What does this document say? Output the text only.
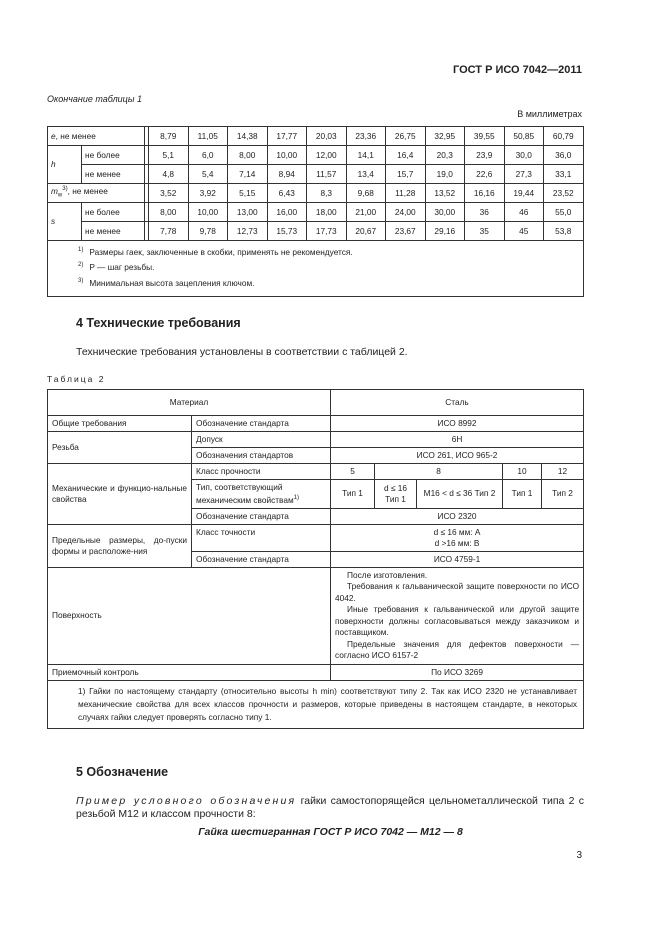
ГОСТ Р ИСО 7042—2011
Окончание таблицы 1
В миллиметрах
e, не менее			8,79	11,05	14,38	17,77	20,03	23,36	26,75	32,95	39,55	50,85	60,79
h	не более		5,1	6,0	8,00	10,00	12,00	14,1	16,4	20,3	23,9	30,0	36,0
	не менее		4,8	5,4	7,14	8,94	11,57	13,4	15,7	19,0	22,6	27,3	33,1
$m_w^{3)}$, не менее			3,52	3,92	5,15	6,43	8,3	9,68	11,28	13,52	16,16	19,44	23,52
s	не более		8,00	10,00	13,00	16,00	18,00	21,00	24,00	30,00	36	46	55,0
	не менее		7,78	9,78	12,73	15,73	17,73	20,67	23,67	29,16	35	45	53,8

$^{1)}$ Размеры гаек, заключенные в скобки, применять не рекомендуется.
$^{2)}$ P — шаг резьбы.
$^{3)}$ Минимальная высота зацепления ключом.													
4 Технические требования
Технические требования установлены в соответствии с таблицей 2.
Таблица 2
Материал		Сталь				
Общие требования	Обозначение стандарта	ИСО 8992				
Резьба	Допуск	6H				
	Обозначения стандартов	ИСО 261, ИСО 965-2				
Механические и функцио-нальные свойства	Класс прочности	5	8		10	12
	Тип, соответствующий механическим свойствам$^{1)}$	Тип 1	d ≤ 16 Тип 1	M16 < d ≤ 36 Тип 2	Тип 1	Тип 2
	Обозначение стандарта	ИСО 2320				
Предельные размеры, до-пуски формы и расположе-ния	Класс точности	d ≤ 16 мм: A
d >16 мм: B				

	Обозначение стандарта	ИСО 4759-1				
Поверхность		После изготовления.
Требования к гальванической защите поверхности по ИСО 4042.
Иные требования к гальванической или другой защите поверхности должны согласовываться между заказчиком и поставщиком.
Предельные значения для дефектов поверхности — согласно ИСО 6157-2				

Приемочный контроль		По ИСО 3269				
1) Гайки по настоящему стандарту (относительно высоты h min) соответствуют типу 2. Так как ИСО 2320 не устанавливает механические свойства для всех классов прочности и размеров, которые приведены в настоящем стандарте, в некоторых случаях гайки следует проверять согласно типу 1.						
5 Обозначение
Пример условного обозначения гайки самостопорящейся цельнометаллической типа 2 с резьбой М12 и классом прочности 8:
Гайка шестигранная ГОСТ Р ИСО 7042 — М12 — 8
3
